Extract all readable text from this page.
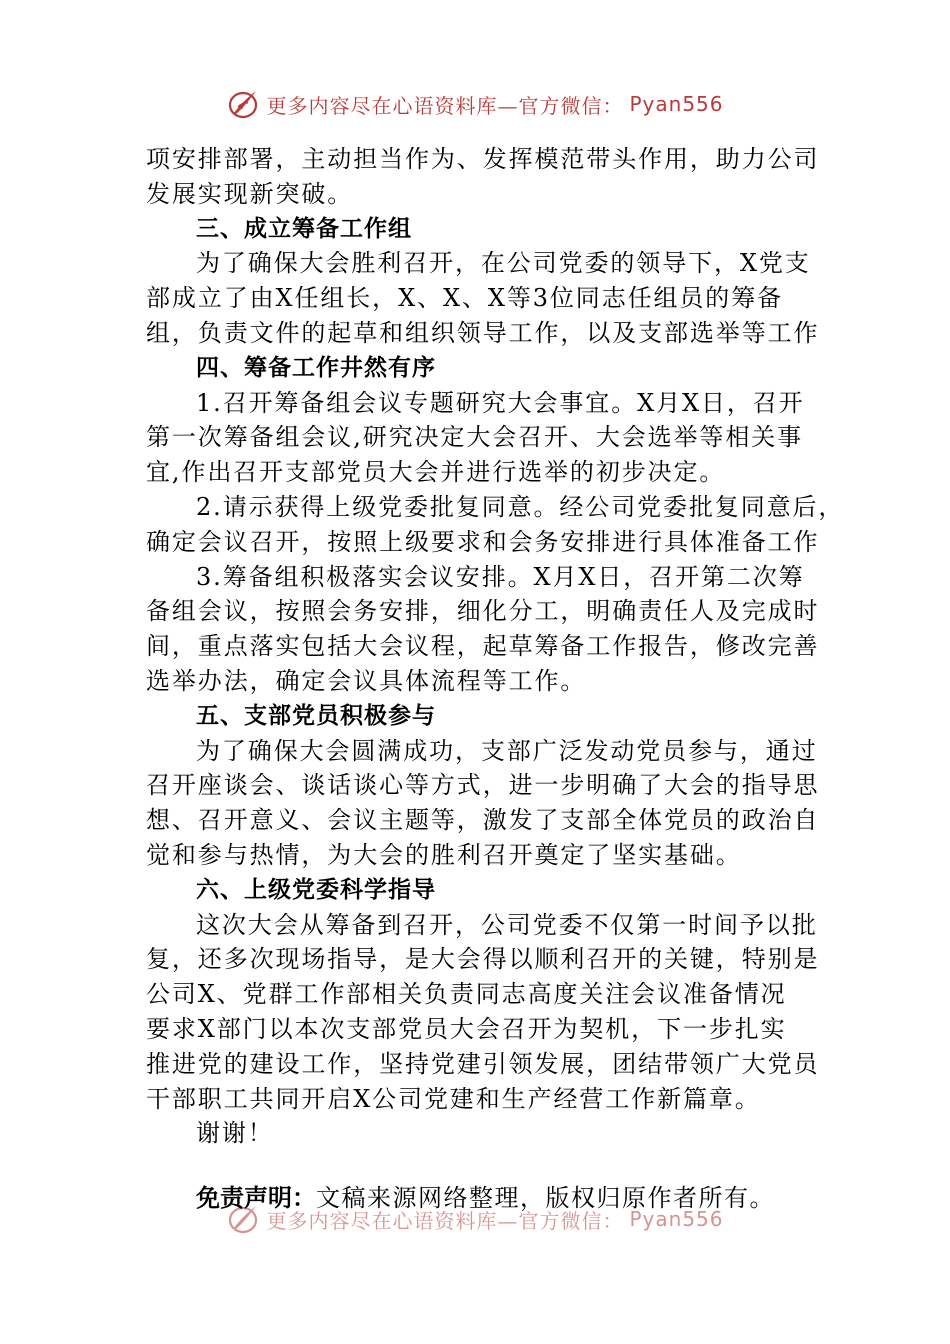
更多内容尽在心语资料库—官方微信： Pyan556
项安排部署，主动担当作为、发挥模范带头作用，助力公司
发展实现新突破。
三、成立筹备工作组
为了确保大会胜利召开，在公司党委的领导下，X党支
部成立了由X任组长，X、X、X等3位同志任组员的筹备
组，负责文件的起草和组织领导工作，以及支部选举等工作
四、筹备工作井然有序
1.召开筹备组会议专题研究大会事宜。X月X日，召开
第一次筹备组会议,研究决定大会召开、大会选举等相关事
宜,作出召开支部党员大会并进行选举的初步决定。
2.请示获得上级党委批复同意。经公司党委批复同意后，
确定会议召开，按照上级要求和会务安排进行具体准备工作
3.筹备组积极落实会议安排。X月X日，召开第二次筹
备组会议，按照会务安排，细化分工，明确责任人及完成时
间，重点落实包括大会议程，起草筹备工作报告，修改完善
选举办法，确定会议具体流程等工作。
五、支部党员积极参与
为了确保大会圆满成功，支部广泛发动党员参与，通过
召开座谈会、谈话谈心等方式，进一步明确了大会的指导思
想、召开意义、会议主题等，激发了支部全体党员的政治自
觉和参与热情，为大会的胜利召开奠定了坚实基础。
六、上级党委科学指导
这次大会从筹备到召开，公司党委不仅第一时间予以批
复，还多次现场指导，是大会得以顺利召开的关键，特别是
公司X、党群工作部相关负责同志高度关注会议准备情况
要求X部门以本次支部党员大会召开为契机，下一步扎实
推进党的建设工作，坚持党建引领发展，团结带领广大党员
干部职工共同开启X公司党建和生产经营工作新篇章。
谢谢！
更多内容尽在心语资料库—官方微信： Pyan556
免责声明：文稿来源网络整理，版权归原作者所有。
